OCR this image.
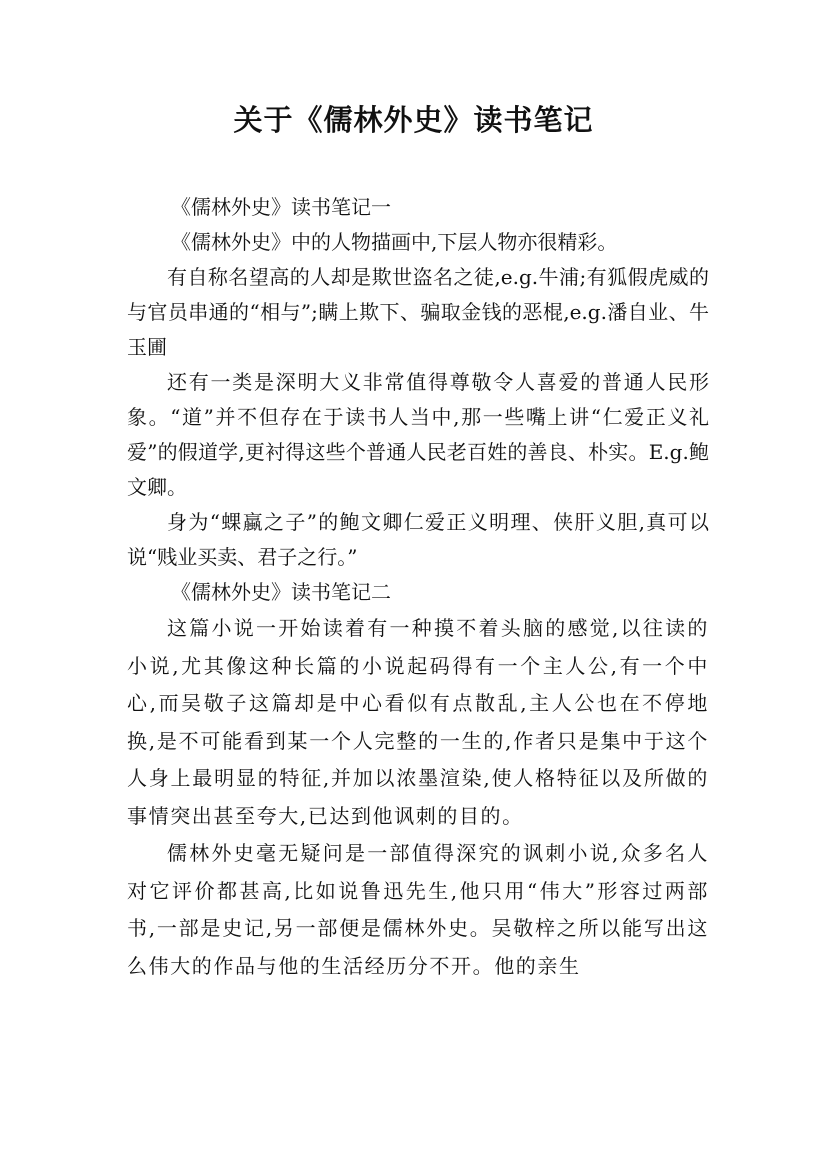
关于《儒林外史》读书笔记

《儒林外史》读书笔记一

《儒林外史》中的人物描画中,下层人物亦很精彩。

有自称名望高的人却是欺世盗名之徒,e.g.牛浦;有狐假虎威的与官员串通的“相与”;瞒上欺下、骗取金钱的恶棍,e.g.潘自业、牛玉圃

还有一类是深明大义非常值得尊敬令人喜爱的普通人民形象。“道”并不但存在于读书人当中,那一些嘴上讲“仁爱正义礼爱”的假道学,更衬得这些个普通人民老百姓的善良、朴实。E.g.鲍文卿。

身为“蜾蠃之子”的鲍文卿仁爱正义明理、侠肝义胆,真可以说“贱业买卖、君子之行。”

《儒林外史》读书笔记二

这篇小说一开始读着有一种摸不着头脑的感觉,以往读的小说,尤其像这种长篇的小说起码得有一个主人公,有一个中心,而吴敬子这篇却是中心看似有点散乱,主人公也在不停地换,是不可能看到某一个人完整的一生的,作者只是集中于这个人身上最明显的特征,并加以浓墨渲染,使人格特征以及所做的事情突出甚至夸大,已达到他讽刺的目的。

儒林外史毫无疑问是一部值得深究的讽刺小说,众多名人对它评价都甚高,比如说鲁迅先生,他只用“伟大”形容过两部书,一部是史记,另一部便是儒林外史。吴敬梓之所以能写出这么伟大的作品与他的生活经历分不开。他的亲生
